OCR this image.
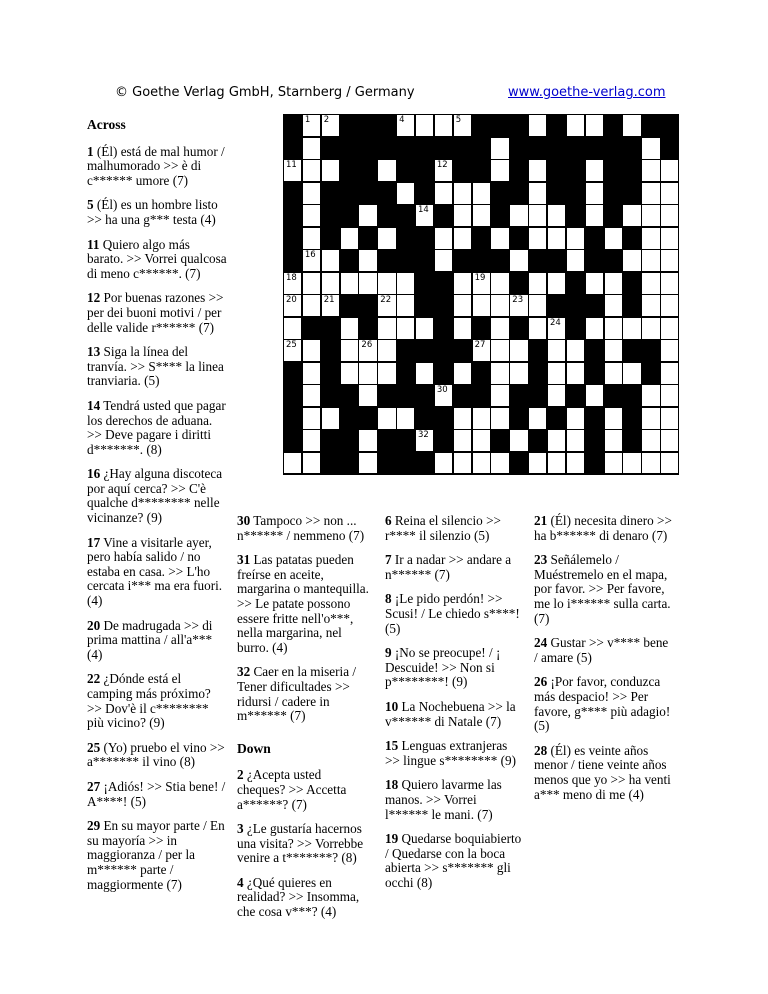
© Goethe Verlag GmbH, Starnberg / Germany	www.goethe-verlag.com
1 2	4	5
11	12
14
16
18	19
20	21	22	23
24
25	26	27
30
32
Across
1 (Él) está de mal humor / malhumorado >> è di c****** umore (7)
5 (Él) es un hombre listo >> ha una g*** testa (4)
11 Quiero algo más barato. >> Vorrei qualcosa di meno c******. (7)
12 Por buenas razones >> per dei buoni motivi / per delle valide r****** (7)
13 Siga la línea del tranvía. >> S**** la linea tranviaria. (5)
14 Tendrá usted que pagar los derechos de aduana. >> Deve pagare i diritti d*******. (8)
16 ¿Hay alguna discoteca por aquí cerca? >> C'è qualche d******** nelle vicinanze? (9)
17 Vine a visitarle ayer, pero había salido / no estaba en casa. >> L'ho cercata i*** ma era fuori. (4)
20 De madrugada >> di prima mattina / all'a*** (4)
22 ¿Dónde está el camping más próximo? >> Dov'è il c******** più vicino? (9)
25 (Yo) pruebo el vino >> a******* il vino (8)
27 ¡Adiós! >> Stia bene! / A****! (5)
29 En su mayor parte / En su mayoría >> in maggioranza / per la m****** parte / maggiormente (7)
30 Tampoco >> non ... n****** / nemmeno (7)
31 Las patatas pueden freírse en aceite, margarina o mantequilla. >> Le patate possono essere fritte nell'o***, nella margarina, nel burro. (4)
32 Caer en la miseria / Tener dificultades >> ridursi / cadere in m****** (7)
Down
2 ¿Acepta usted cheques? >> Accetta a******? (7)
3 ¿Le gustaría hacernos una visita? >> Vorrebbe venire a t*******? (8)
4 ¿Qué quieres en realidad? >> Insomma, che cosa v***? (4)
6 Reina el silencio >> r**** il silenzio (5)
7 Ir a nadar >> andare a n****** (7)
8 ¡Le pido perdón! >> Scusi! / Le chiedo s****! (5)
9 ¡No se preocupe! / ¡ Descuide! >> Non si p********! (9)
10 La Nochebuena >> la v****** di Natale (7)
15 Lenguas extranjeras >> lingue s******** (9)
18 Quiero lavarme las manos. >> Vorrei l****** le mani. (7)
19 Quedarse boquiabierto / Quedarse con la boca abierta >> s******* gli occhi (8)
21 (Él) necesita dinero >> ha b****** di denaro (7)
23 Señálemelo / Muéstremelo en el mapa, por favor. >> Per favore, me lo i****** sulla carta. (7)
24 Gustar >> v**** bene / amare (5)
26 ¡Por favor, conduzca más despacio! >> Per favore, g**** più adagio! (5)
28 (Él) es veinte años menor / tiene veinte años menos que yo >> ha venti a*** meno di me (4)
